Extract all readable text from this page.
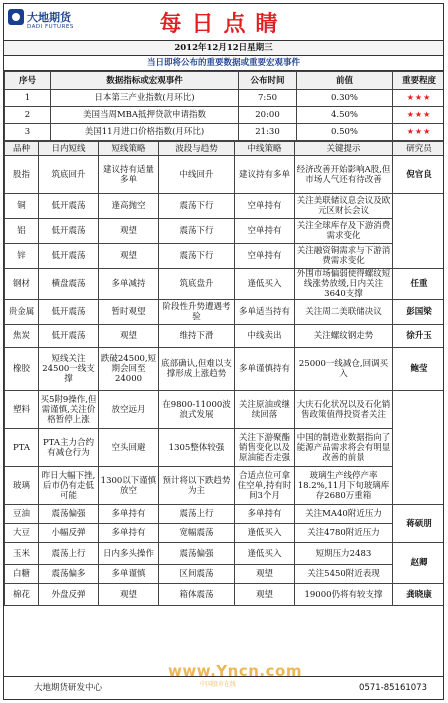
大地期货
DADI FUTURES	每日点睛
2012年12月12日星期三
当日即将公布的重要数据或重要宏观事件
序号	数据指标或宏观事件	公布时间	前值	重要程度
1	日本第三产业指数(月环比)	7:50	0.30%	★★★
2	美国当周MBA抵押贷款申请指数	20:00	4.50%	★★★
3	美国11月进口价格指数(月环比)	21:30	0.50%	★★★
品种	日内短线	短线策略	波段与趋势	中线策略	关键提示	研究员
股指	筑底回升	建议持有适量多单	中线回升	建议持有多单	经济改善开始影响A股,但市场人气还有待改善	倪官良
铜	低开震荡	逢高抛空	震荡下行	空单持有	关注美联储议息会议及欧元区财长会议	
铝	低开震荡	观望	震荡下行	空单持有	关注全球库存及下游消费需求变化	
锌	低开震荡	观望	震荡下行	空单持有	关注融资铜需求与下游消费需求变化	
钢材	横盘震荡	多单减持	筑底盘升	逢低买入	外围市场偏弱使得螺纹短线涨势放缓,日内关注3640支撑	任重
贵金属	低开震荡	暂时观望	阶段性升势遭遇考验	多单适当持有	关注周二美联储决议	彭国梁
焦炭	低开震荡	观望	维持下滑	中线卖出	关注螺纹钢走势	徐升玉
橡胶	短线关注24500一线支撑	跌破24500,短期会回至24000	底部确认,但难以支撑形成上涨趋势	多单谨慎持有	25000一线减仓,回调买入	鲍莹
塑料	买5附9操作,但需谨慎,关注价格暂停上涨	放空远月	在9800-11000波浪式发展	关注原油或继续回落	大庆石化状况以及石化销售政策值得投资者关注	
PTA	PTA主力合约有减仓行为	空头回避	1305整体较强	关注下游聚酯销售变化以及原油能否走强	中国的制造业数据指向了能源产品需求将会有明显改善的前景	
玻璃	昨日大幅下挫,后市仍有走低可能	1300以下谨慎放空	预计将以下跌趋势为主	合适点位可拿住空单,持有时间3个月	玻璃生产线停产率18.2%,11月下旬玻璃库存2680万重箱	
豆油	震荡偏强	多单持有	震荡上行	多单持有	关注MA40附近压力	蒋硕朋
大豆	小幅反弹	多单持有	宽幅震荡	逢低买入	关注4780附近压力	
玉米	震荡上行	日内多头操作	震荡偏强	逢低买入	短期压力2483	赵卿
白糖	震荡偏多	多单谨慎	区间震荡	观望	关注5450附近表现	
棉花	外盘反弹	观望	箱体震荡	观望	19000仍将有较支撑	龚晓康
大地期货研发中心	0571-85161073
www.Yncn.com
中国股市在线
